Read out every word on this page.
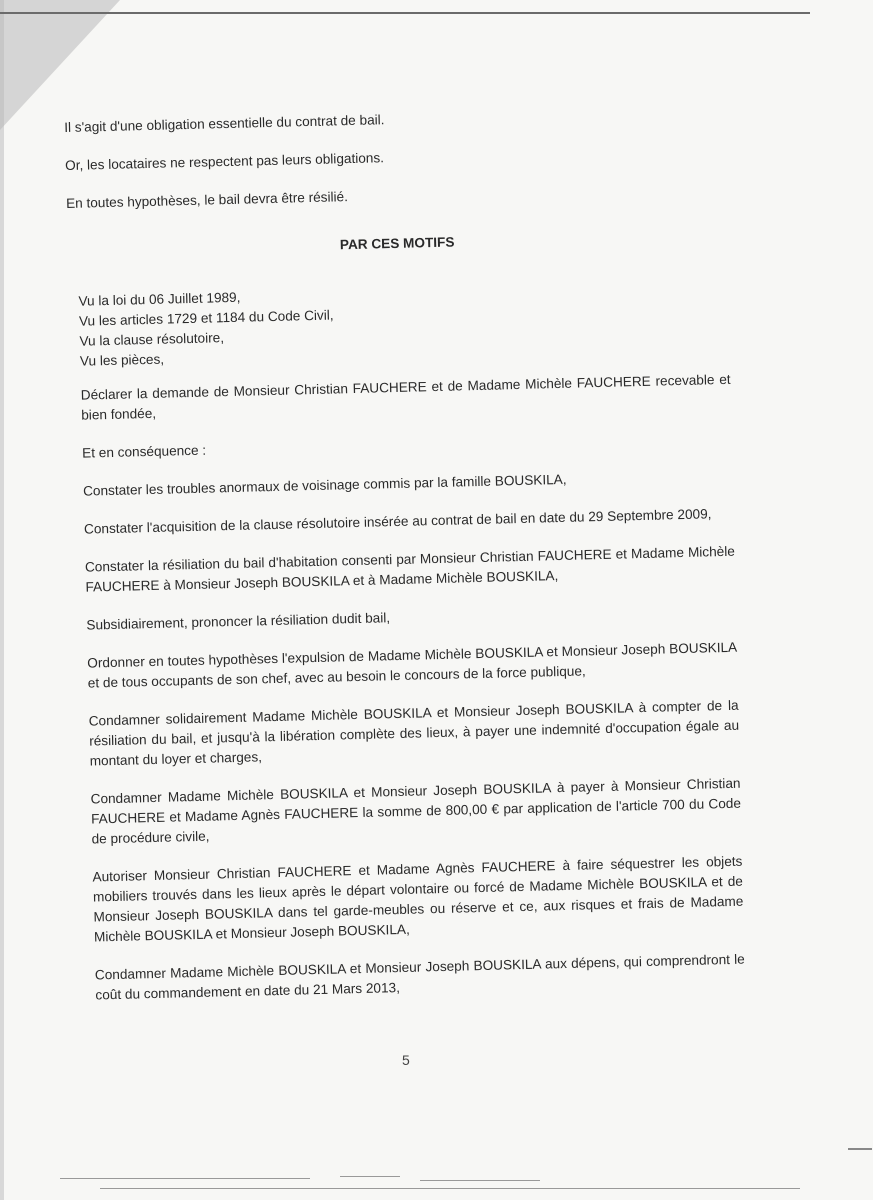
Il s'agit d'une obligation essentielle du contrat de bail.

Or, les locataires ne respectent pas leurs obligations.

En toutes hypothèses, le bail devra être résilié.

PAR CES MOTIFS

Vu la loi du 06 Juillet 1989,

Vu les articles 1729 et 1184 du Code Civil,

Vu la clause résolutoire,

Vu les pièces,

Déclarer la demande de Monsieur Christian FAUCHERE et de Madame Michèle FAUCHERE recevable et bien fondée,

Et en conséquence :

Constater les troubles anormaux de voisinage commis par la famille BOUSKILA,

Constater l'acquisition de la clause résolutoire insérée au contrat de bail en date du 29 Septembre 2009,

Constater la résiliation du bail d'habitation consenti par Monsieur Christian FAUCHERE et Madame Michèle FAUCHERE à Monsieur Joseph BOUSKILA et à Madame Michèle BOUSKILA,

Subsidiairement, prononcer la résiliation dudit bail,

Ordonner en toutes hypothèses l'expulsion de Madame Michèle BOUSKILA et Monsieur Joseph BOUSKILA et de tous occupants de son chef, avec au besoin le concours de la force publique,

Condamner solidairement Madame Michèle BOUSKILA et Monsieur Joseph BOUSKILA à compter de la résiliation du bail, et jusqu'à la libération complète des lieux, à payer une indemnité d'occupation égale au montant du loyer et charges,

Condamner Madame Michèle BOUSKILA et Monsieur Joseph BOUSKILA à payer à Monsieur Christian FAUCHERE et Madame Agnès FAUCHERE la somme de 800,00 € par application de l'article 700 du Code de procédure civile,

Autoriser Monsieur Christian FAUCHERE et Madame Agnès FAUCHERE à faire séquestrer les objets mobiliers trouvés dans les lieux après le départ volontaire ou forcé de Madame Michèle BOUSKILA et de Monsieur Joseph BOUSKILA dans tel garde-meubles ou réserve et ce, aux risques et frais de Madame Michèle BOUSKILA et Monsieur Joseph BOUSKILA,

Condamner Madame Michèle BOUSKILA et Monsieur Joseph BOUSKILA aux dépens, qui comprendront le coût du commandement en date du 21 Mars 2013,

5
